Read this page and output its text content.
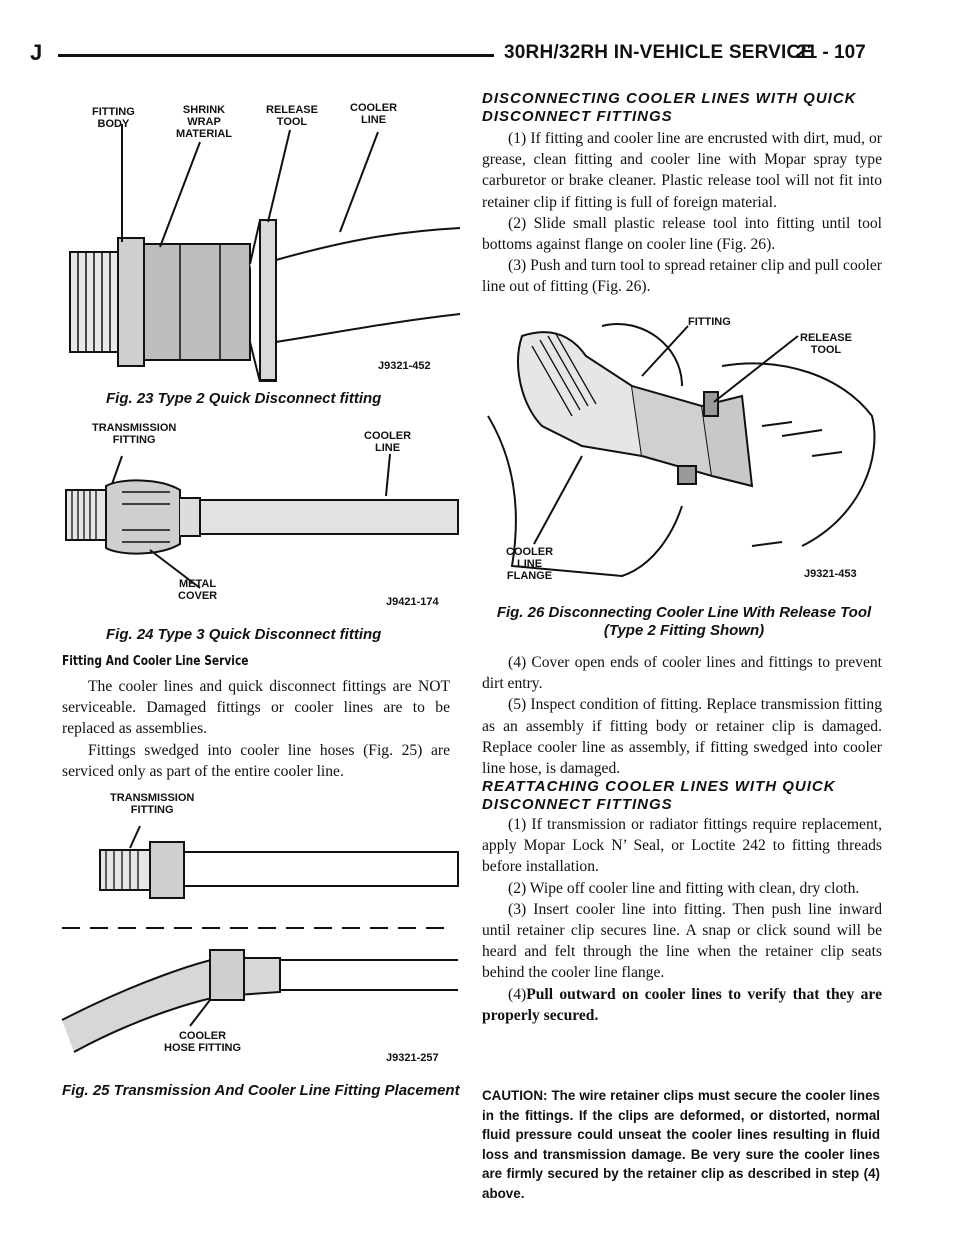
J	30RH/32RH IN-VEHICLE SERVICE
21 - 107
FITTING
BODY
SHRINK
WRAP
MATERIAL
RELEASE
TOOL
COOLER
LINE
J9321-452
Fig. 23 Type 2 Quick Disconnect fitting
TRANSMISSION
FITTING	COOLER
LINE
METAL
COVER	J9421-174
Fig. 24 Type 3 Quick Disconnect fitting
Fitting And Cooler Line Service

The cooler lines and quick disconnect fittings are NOT serviceable. Damaged fittings or cooler lines are to be replaced as assemblies.

Fittings swedged into cooler line hoses (Fig. 25) are serviced only as part of the entire cooler line.

TRANSMISSION
FITTING
COOLER
HOSE FITTING
J9321-257
Fig. 25 Transmission And Cooler Line Fitting Placement
DISCONNECTING COOLER LINES WITH QUICK DISCONNECT FITTINGS

(1) If fitting and cooler line are encrusted with dirt, mud, or grease, clean fitting and cooler line with Mopar spray type carburetor or brake cleaner. Plastic release tool will not fit into retainer clip if fitting is full of foreign material.

(2) Slide small plastic release tool into fitting until tool bottoms against flange on cooler line (Fig. 26).

(3) Push and turn tool to spread retainer clip and pull cooler line out of fitting (Fig. 26).

FITTING
RELEASE
TOOL
COOLER
LINE
FLANGE	J9321-453
Fig. 26 Disconnecting Cooler Line With Release Tool (Type 2 Fitting Shown)

(4) Cover open ends of cooler lines and fittings to prevent dirt entry.

(5) Inspect condition of fitting. Replace transmission fitting as an assembly if fitting body or retainer clip is damaged. Replace cooler line as assembly, if fitting swedged into cooler line hose, is damaged.

REATTACHING COOLER LINES WITH QUICK DISCONNECT FITTINGS

(1) If transmission or radiator fittings require replacement, apply Mopar Lock N’ Seal, or Loctite 242 to fitting threads before installation.

(2) Wipe off cooler line and fitting with clean, dry cloth.

(3) Insert cooler line into fitting. Then push line inward until retainer clip secures line. A snap or click sound will be heard and felt through the line when the retainer clip seats behind the cooler line flange.

(4)Pull outward on cooler lines to verify that they are properly secured.

CAUTION: The wire retainer clips must secure the cooler lines in the fittings. If the clips are deformed, or distorted, normal fluid pressure could unseat the cooler lines resulting in fluid loss and transmission damage. Be very sure the cooler lines are firmly secured by the retainer clip as described in step (4) above.
